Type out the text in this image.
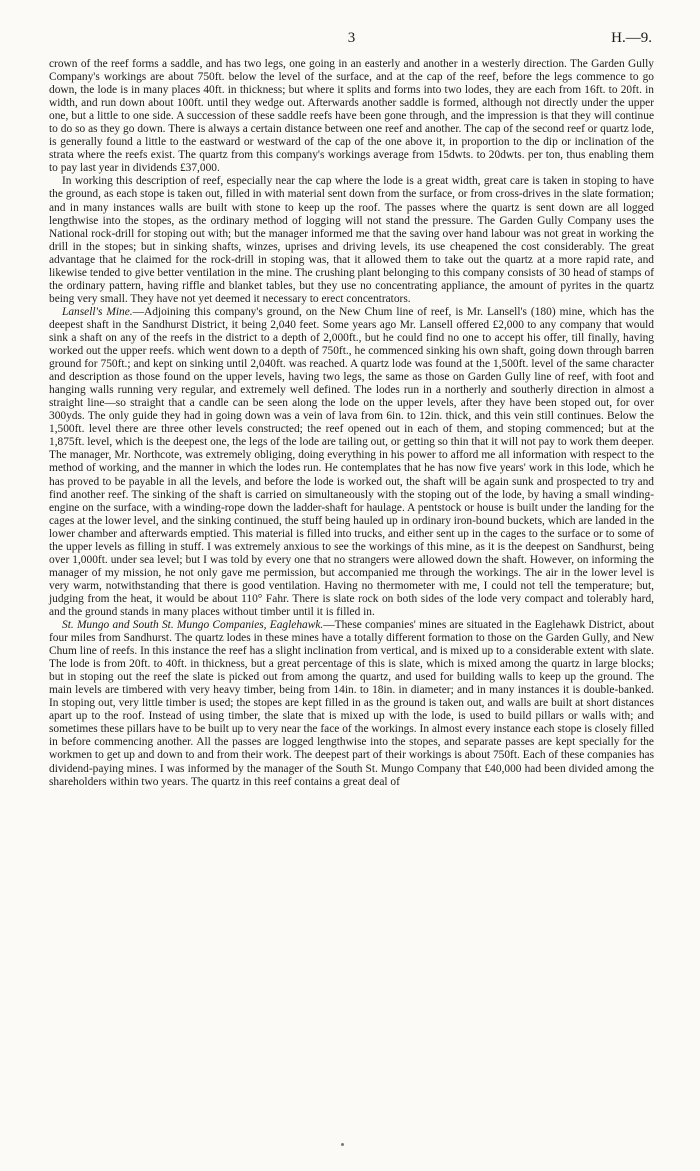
3	H.—9.

crown of the reef forms a saddle, and has two legs, one going in an easterly and another in a westerly direction. The Garden Gully Company's workings are about 750ft. below the level of the surface, and at the cap of the reef, before the legs commence to go down, the lode is in many places 40ft. in thickness; but where it splits and forms into two lodes, they are each from 16ft. to 20ft. in width, and run down about 100ft. until they wedge out. Afterwards another saddle is formed, although not directly under the upper one, but a little to one side. A succession of these saddle reefs have been gone through, and the impression is that they will continue to do so as they go down. There is always a certain distance between one reef and another. The cap of the second reef or quartz lode, is generally found a little to the eastward or westward of the cap of the one above it, in proportion to the dip or inclination of the strata where the reefs exist. The quartz from this company's workings average from 15dwts. to 20dwts. per ton, thus enabling them to pay last year in dividends £37,000.

In working this description of reef, especially near the cap where the lode is a great width, great care is taken in stoping to have the ground, as each stope is taken out, filled in with material sent down from the surface, or from cross-drives in the slate formation; and in many instances walls are built with stone to keep up the roof. The passes where the quartz is sent down are all logged lengthwise into the stopes, as the ordinary method of logging will not stand the pressure. The Garden Gully Company uses the National rock-drill for stoping out with; but the manager informed me that the saving over hand labour was not great in working the drill in the stopes; but in sinking shafts, winzes, uprises and driving levels, its use cheapened the cost considerably. The great advantage that he claimed for the rock-drill in stoping was, that it allowed them to take out the quartz at a more rapid rate, and likewise tended to give better ventilation in the mine. The crushing plant belonging to this company consists of 30 head of stamps of the ordinary pattern, having riffle and blanket tables, but they use no concentrating appliance, the amount of pyrites in the quartz being very small. They have not yet deemed it necessary to erect concentrators.

Lansell's Mine.—Adjoining this company's ground, on the New Chum line of reef, is Mr. Lansell's (180) mine, which has the deepest shaft in the Sandhurst District, it being 2,040 feet. Some years ago Mr. Lansell offered £2,000 to any company that would sink a shaft on any of the reefs in the district to a depth of 2,000ft., but he could find no one to accept his offer, till finally, having worked out the upper reefs. which went down to a depth of 750ft., he commenced sinking his own shaft, going down through barren ground for 750ft.; and kept on sinking until 2,040ft. was reached. A quartz lode was found at the 1,500ft. level of the same character and description as those found on the upper levels, having two legs, the same as those on Garden Gully line of reef, with foot and hanging walls running very regular, and extremely well defined. The lodes run in a northerly and southerly direction in almost a straight line—so straight that a candle can be seen along the lode on the upper levels, after they have been stoped out, for over 300yds. The only guide they had in going down was a vein of lava from 6in. to 12in. thick, and this vein still continues. Below the 1,500ft. level there are three other levels constructed; the reef opened out in each of them, and stoping commenced; but at the 1,875ft. level, which is the deepest one, the legs of the lode are tailing out, or getting so thin that it will not pay to work them deeper. The manager, Mr. Northcote, was extremely obliging, doing everything in his power to afford me all information with respect to the method of working, and the manner in which the lodes run. He contemplates that he has now five years' work in this lode, which he has proved to be payable in all the levels, and before the lode is worked out, the shaft will be again sunk and prospected to try and find another reef. The sinking of the shaft is carried on simultaneously with the stoping out of the lode, by having a small winding-engine on the surface, with a winding-rope down the ladder-shaft for haulage. A pentstock or house is built under the landing for the cages at the lower level, and the sinking continued, the stuff being hauled up in ordinary iron-bound buckets, which are landed in the lower chamber and afterwards emptied. This material is filled into trucks, and either sent up in the cages to the surface or to some of the upper levels as filling in stuff. I was extremely anxious to see the workings of this mine, as it is the deepest on Sandhurst, being over 1,000ft. under sea level; but I was told by every one that no strangers were allowed down the shaft. However, on informing the manager of my mission, he not only gave me permission, but accompanied me through the workings. The air in the lower level is very warm, notwithstanding that there is good ventilation. Having no thermometer with me, I could not tell the temperature; but, judging from the heat, it would be about 110° Fahr. There is slate rock on both sides of the lode very compact and tolerably hard, and the ground stands in many places without timber until it is filled in.

St. Mungo and South St. Mungo Companies, Eaglehawk.—These companies' mines are situated in the Eaglehawk District, about four miles from Sandhurst. The quartz lodes in these mines have a totally different formation to those on the Garden Gully, and New Chum line of reefs. In this instance the reef has a slight inclination from vertical, and is mixed up to a considerable extent with slate. The lode is from 20ft. to 40ft. in thickness, but a great percentage of this is slate, which is mixed among the quartz in large blocks; but in stoping out the reef the slate is picked out from among the quartz, and used for building walls to keep up the ground. The main levels are timbered with very heavy timber, being from 14in. to 18in. in diameter; and in many instances it is double-banked. In stoping out, very little timber is used; the stopes are kept filled in as the ground is taken out, and walls are built at short distances apart up to the roof. Instead of using timber, the slate that is mixed up with the lode, is used to build pillars or walls with; and sometimes these pillars have to be built up to very near the face of the workings. In almost every instance each stope is closely filled in before commencing another. All the passes are logged lengthwise into the stopes, and separate passes are kept specially for the workmen to get up and down to and from their work. The deepest part of their workings is about 750ft. Each of these companies has dividend-paying mines. I was informed by the manager of the South St. Mungo Company that £40,000 had been divided among the shareholders within two years. The quartz in this reef contains a great deal of
